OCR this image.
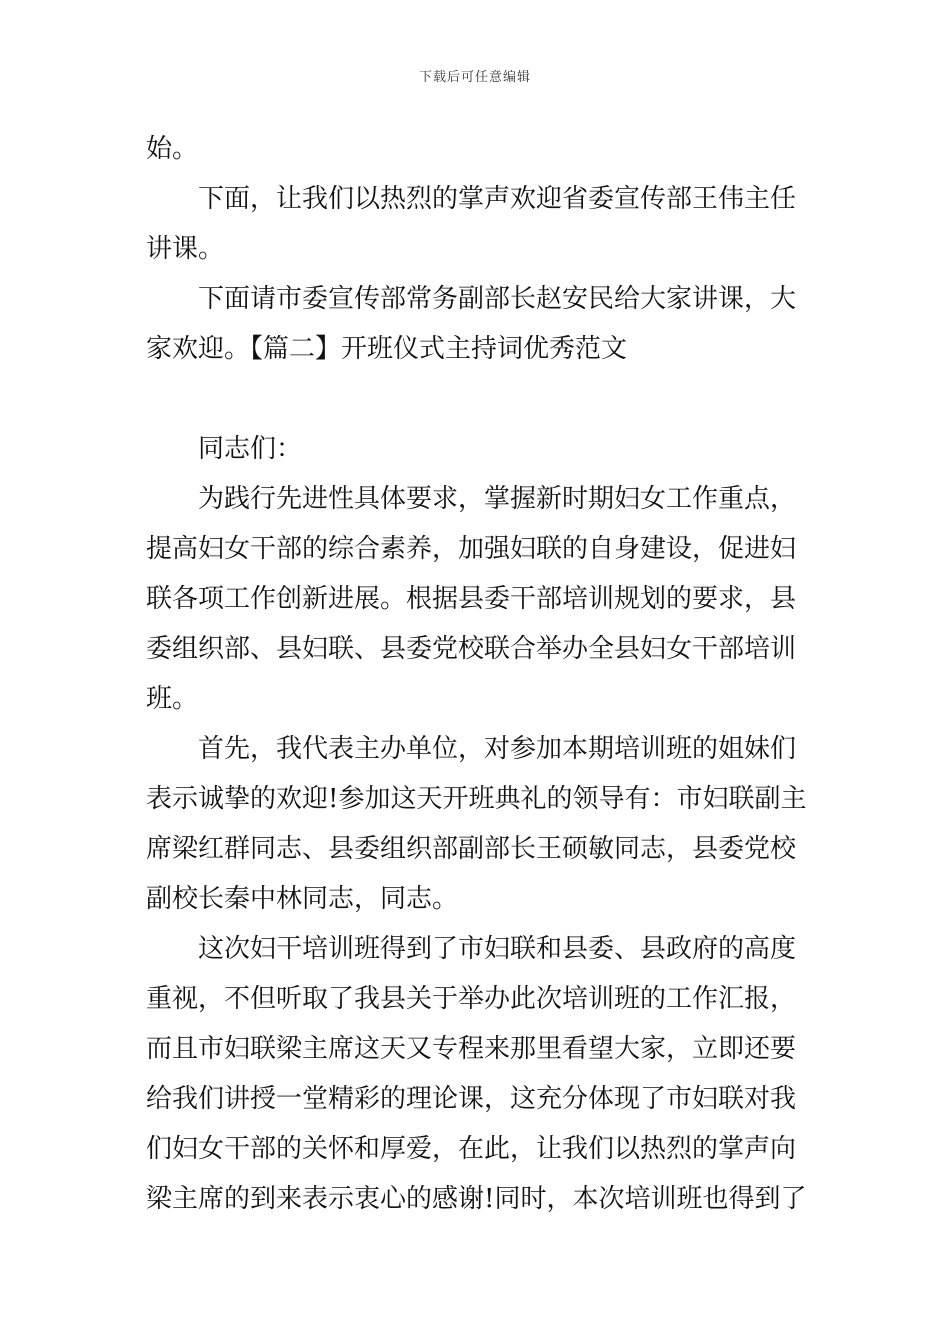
下载后可任意编辑

始。

下面，让我们以热烈的掌声欢迎省委宣传部王伟主任

讲课。

下面请市委宣传部常务副部长赵安民给大家讲课，大

家欢迎。【篇二】开班仪式主持词优秀范文

同志们：

为践行先进性具体要求，掌握新时期妇女工作重点，

提高妇女干部的综合素养，加强妇联的自身建设，促进妇

联各项工作创新进展。根据县委干部培训规划的要求，县

委组织部、县妇联、县委党校联合举办全县妇女干部培训

班。

首先，我代表主办单位，对参加本期培训班的姐妹们

表示诚挚的欢迎!参加这天开班典礼的领导有：市妇联副主

席梁红群同志、县委组织部副部长王硕敏同志，县委党校

副校长秦中林同志，同志。

这次妇干培训班得到了市妇联和县委、县政府的高度

重视，不但听取了我县关于举办此次培训班的工作汇报，

而且市妇联梁主席这天又专程来那里看望大家，立即还要

给我们讲授一堂精彩的理论课，这充分体现了市妇联对我

们妇女干部的关怀和厚爱，在此，让我们以热烈的掌声向

梁主席的到来表示衷心的感谢!同时，本次培训班也得到了
